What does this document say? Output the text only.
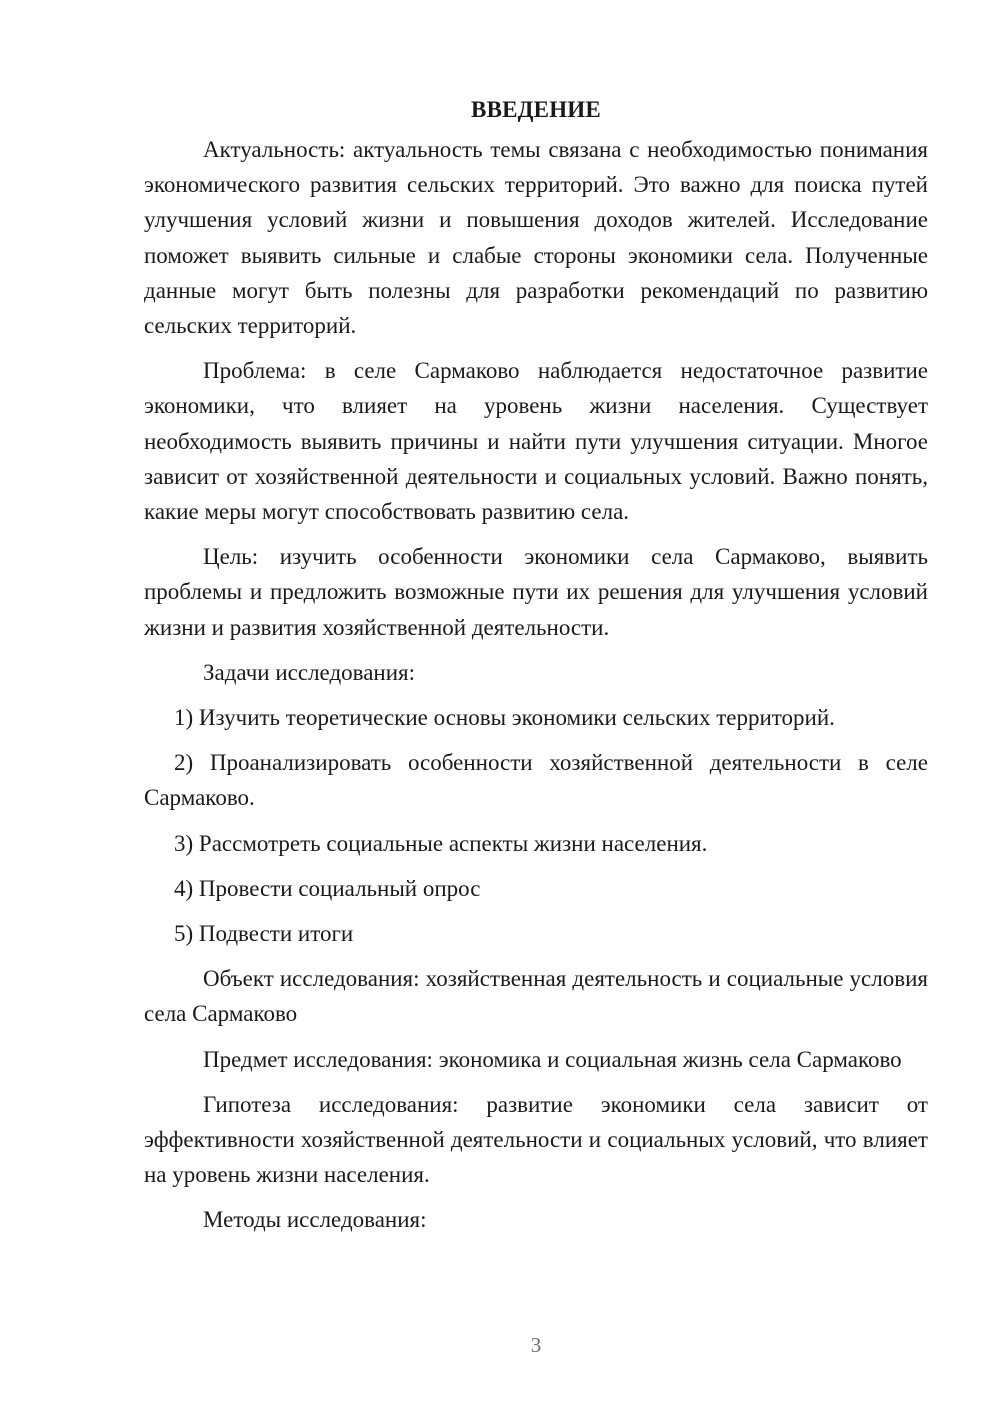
ВВЕДЕНИЕ

Актуальность: актуальность темы связана с необходимостью понимания экономического развития сельских территорий. Это важно для поиска путей улучшения условий жизни и повышения доходов жителей. Исследование поможет выявить сильные и слабые стороны экономики села. Полученные данные могут быть полезны для разработки рекомендаций по развитию сельских территорий.

Проблема: в селе Сармаково наблюдается недостаточное развитие экономики, что влияет на уровень жизни населения. Существует необходимость выявить причины и найти пути улучшения ситуации. Многое зависит от хозяйственной деятельности и социальных условий. Важно понять, какие меры могут способствовать развитию села.

Цель: изучить особенности экономики села Сармаково, выявить проблемы и предложить возможные пути их решения для улучшения условий жизни и развития хозяйственной деятельности.

Задачи исследования:

1) Изучить теоретические основы экономики сельских территорий.
2) Проанализировать особенности хозяйственной деятельности в селе Сармаково.
3) Рассмотреть социальные аспекты жизни населения.
4) Провести социальный опрос
5) Подвести итоги

Объект исследования: хозяйственная деятельность и социальные условия села Сармаково

Предмет исследования: экономика и социальная жизнь села Сармаково

Гипотеза исследования: развитие экономики села зависит от эффективности хозяйственной деятельности и социальных условий, что влияет на уровень жизни населения.

Методы исследования:

3
